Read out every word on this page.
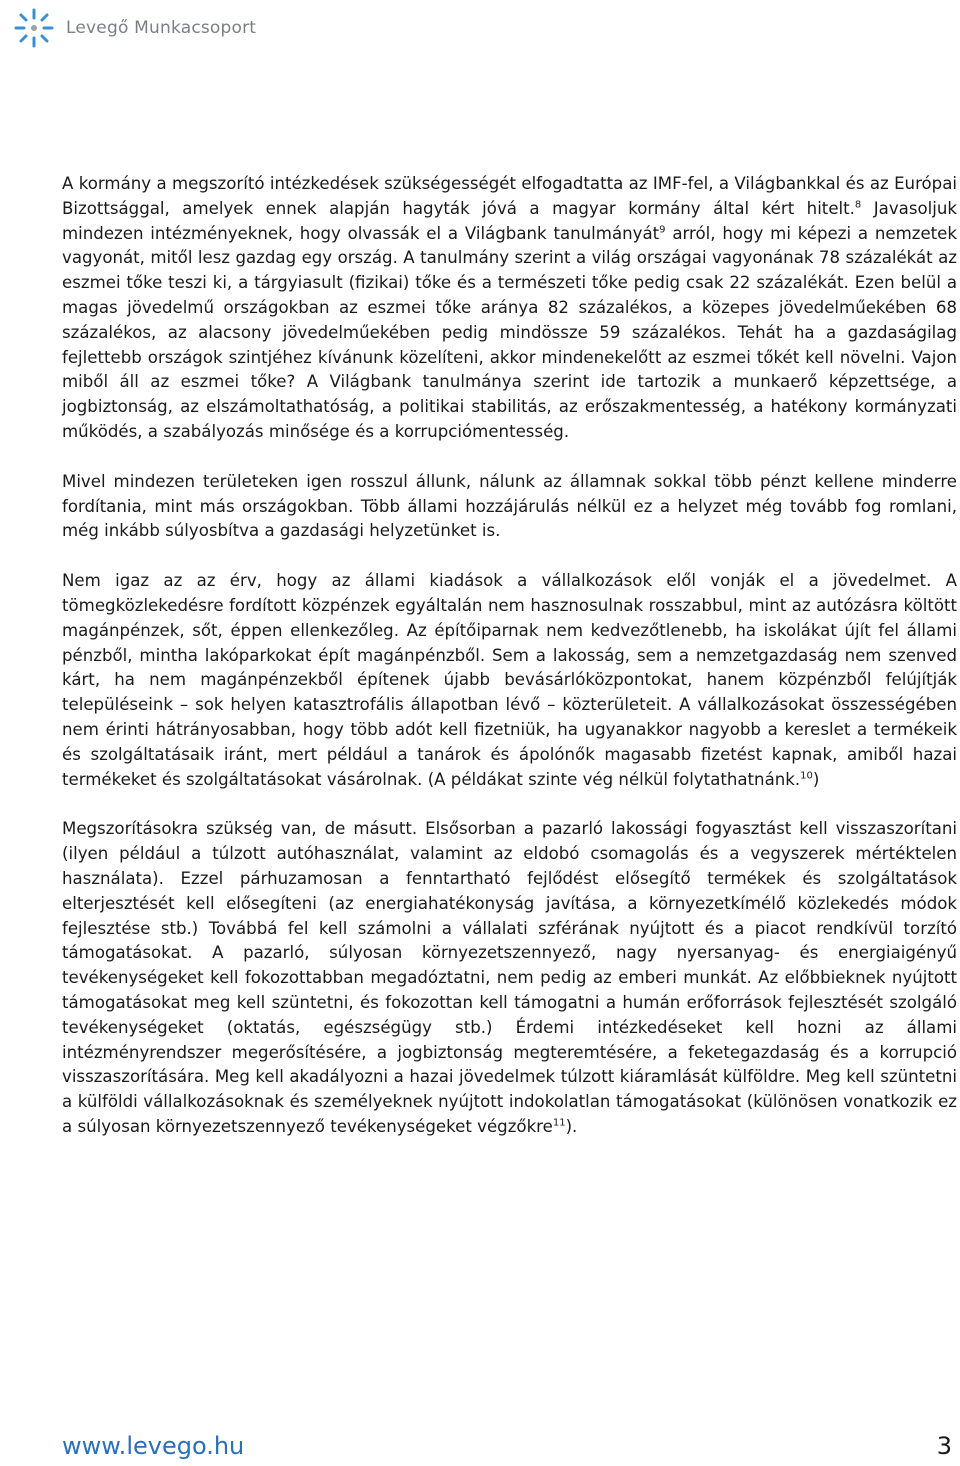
Levegő Munkacsoport

A kormány a megszorító intézkedések szükségességét elfogadtatta az IMF-fel, a Világbankkal és az Európai Bizottsággal, amelyek ennek alapján hagyták jóvá a magyar kormány által kért hitelt.$^8$ Javasoljuk mindezen intézményeknek, hogy olvassák el a Világbank tanulmányát$^9$ arról, hogy mi képezi a nemzetek vagyonát, mitől lesz gazdag egy ország. A tanulmány szerint a világ országai vagyonának 78 százalékát az eszmei tőke teszi ki, a tárgyiasult (fizikai) tőke és a természeti tőke pedig csak 22 százalékát. Ezen belül a magas jövedelmű országokban az eszmei tőke aránya 82 százalékos, a közepes jövedelműekében 68 százalékos, az alacsony jövedelműekében pedig mindössze 59 százalékos. Tehát ha a gazdaságilag fejlettebb országok szintjéhez kívánunk közelíteni, akkor mindenekelőtt az eszmei tőkét kell növelni. Vajon miből áll az eszmei tőke? A Világbank tanulmánya szerint ide tartozik a munkaerő képzettsége, a jogbiztonság, az elszámoltathatóság, a politikai stabilitás, az erőszakmentesség, a hatékony kormányzati működés, a szabályozás minősége és a korrupciómentesség.

Mivel mindezen területeken igen rosszul állunk, nálunk az államnak sokkal több pénzt kellene minderre fordítania, mint más országokban. Több állami hozzájárulás nélkül ez a helyzet még tovább fog romlani, még inkább súlyosbítva a gazdasági helyzetünket is.

Nem igaz az az érv, hogy az állami kiadások a vállalkozások elől vonják el a jövedelmet. A tömegközlekedésre fordított közpénzek egyáltalán nem hasznosulnak rosszabbul, mint az autózásra költött magánpénzek, sőt, éppen ellenkezőleg. Az építőiparnak nem kedvezőtlenebb, ha iskolákat újít fel állami pénzből, mintha lakóparkokat épít magánpénzből. Sem a lakosság, sem a nemzetgazdaság nem szenved kárt, ha nem magánpénzekből építenek újabb bevásárlóközpontokat, hanem közpénzből felújítják településeink – sok helyen katasztrofális állapotban lévő – közterületeit. A vállalkozásokat összességében nem érinti hátrányosabban, hogy több adót kell fizetniük, ha ugyanakkor nagyobb a kereslet a termékeik és szolgáltatásaik iránt, mert például a tanárok és ápolónők magasabb fizetést kapnak, amiből hazai termékeket és szolgáltatásokat vásárolnak. (A példákat szinte vég nélkül folytathatnánk.$^{10}$)

Megszorításokra szükség van, de másutt. Elsősorban a pazarló lakossági fogyasztást kell visszaszorítani (ilyen például a túlzott autóhasználat, valamint az eldobó csomagolás és a vegyszerek mértéktelen használata). Ezzel párhuzamosan a fenntartható fejlődést elősegítő termékek és szolgáltatások elterjesztését kell elősegíteni (az energiahatékonyság javítása, a környezetkímélő közlekedés módok fejlesztése stb.) Továbbá fel kell számolni a vállalati szférának nyújtott és a piacot rendkívül torzító támogatásokat. A pazarló, súlyosan környezetszennyező, nagy nyersanyag- és energiaigényű tevékenységeket kell fokozottabban megadóztatni, nem pedig az emberi munkát. Az előbbieknek nyújtott támogatásokat meg kell szüntetni, és fokozottan kell támogatni a humán erőforrások fejlesztését szolgáló tevékenységeket (oktatás, egészségügy stb.) Érdemi intézkedéseket kell hozni az állami intézményrendszer megerősítésére, a jogbiztonság megteremtésére, a feketegazdaság és a korrupció visszaszorítására. Meg kell akadályozni a hazai jövedelmek túlzott kiáramlását külföldre. Meg kell szüntetni a külföldi vállalkozásoknak és személyeknek nyújtott indokolatlan támogatásokat (különösen vonatkozik ez a súlyosan környezetszennyező tevékenységeket végzőkre$^{11}$).

www.levego.hu	3
